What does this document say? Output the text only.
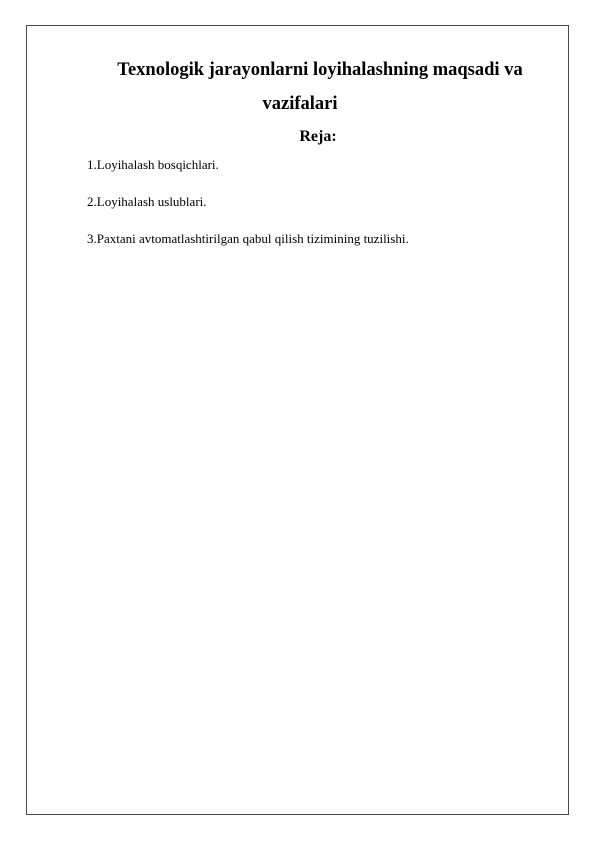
Texnologik jarayonlarni loyihalashning maqsadi va
vazifalari
Reja:
1.Loyihalash bosqichlari.
2.Loyihalash uslublari.
3.Paxtani avtomatlashtirilgan qabul qilish tizimining tuzilishi.
